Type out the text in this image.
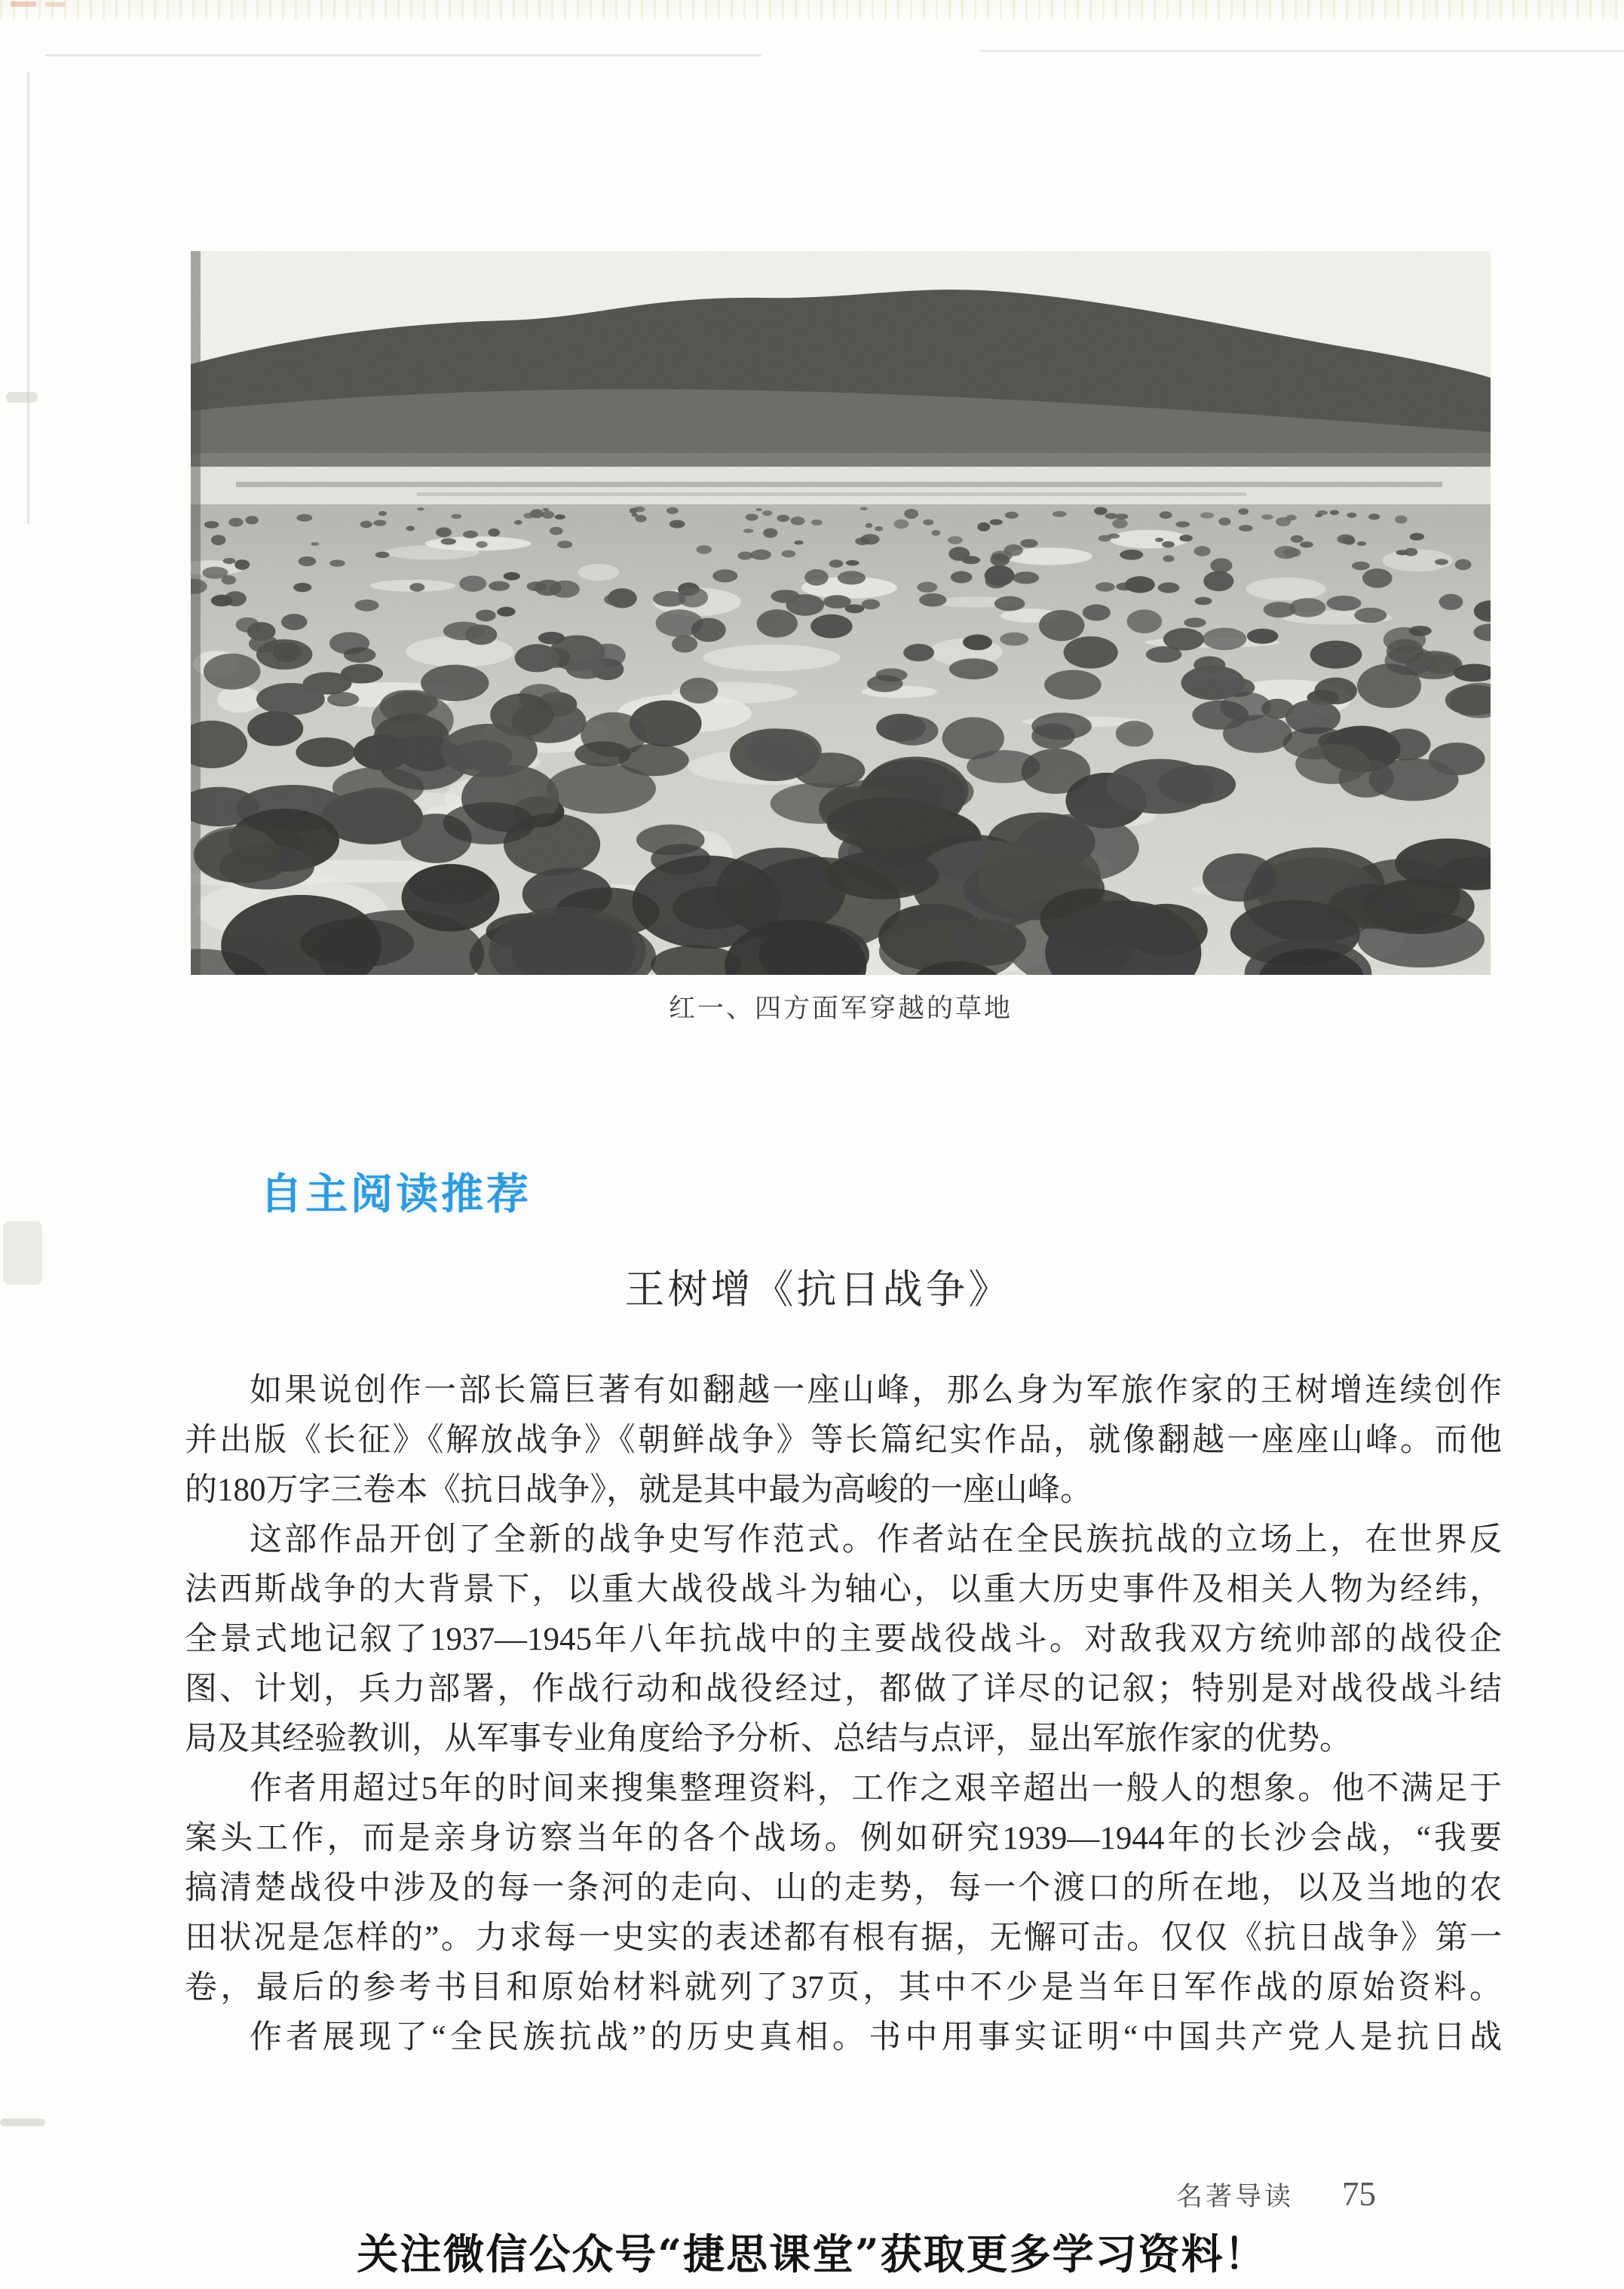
红一、四方面军穿越的草地
自主阅读推荐
王树增《抗日战争》
如果说创作一部长篇巨著有如翻越一座山峰，那么身为军旅作家的王树增连续创作
并出版《长征》《解放战争》《朝鲜战争》等长篇纪实作品，就像翻越一座座山峰。而他
的180万字三卷本《抗日战争》，就是其中最为高峻的一座山峰。
这部作品开创了全新的战争史写作范式。作者站在全民族抗战的立场上，在世界反
法西斯战争的大背景下，以重大战役战斗为轴心，以重大历史事件及相关人物为经纬，
全景式地记叙了1937—1945年八年抗战中的主要战役战斗。对敌我双方统帅部的战役企
图、计划，兵力部署，作战行动和战役经过，都做了详尽的记叙；特别是对战役战斗结
局及其经验教训，从军事专业角度给予分析、总结与点评，显出军旅作家的优势。
作者用超过5年的时间来搜集整理资料，工作之艰辛超出一般人的想象。他不满足于
案头工作，而是亲身访察当年的各个战场。例如研究1939—1944年的长沙会战，“我要
搞清楚战役中涉及的每一条河的走向、山的走势，每一个渡口的所在地，以及当地的农
田状况是怎样的”。力求每一史实的表述都有根有据，无懈可击。仅仅《抗日战争》第一
卷，最后的参考书目和原始材料就列了37页，其中不少是当年日军作战的原始资料。
作者展现了“全民族抗战”的历史真相。书中用事实证明“中国共产党人是抗日战
名著导读 75
关注微信公众号“捷思课堂”获取更多学习资料！
